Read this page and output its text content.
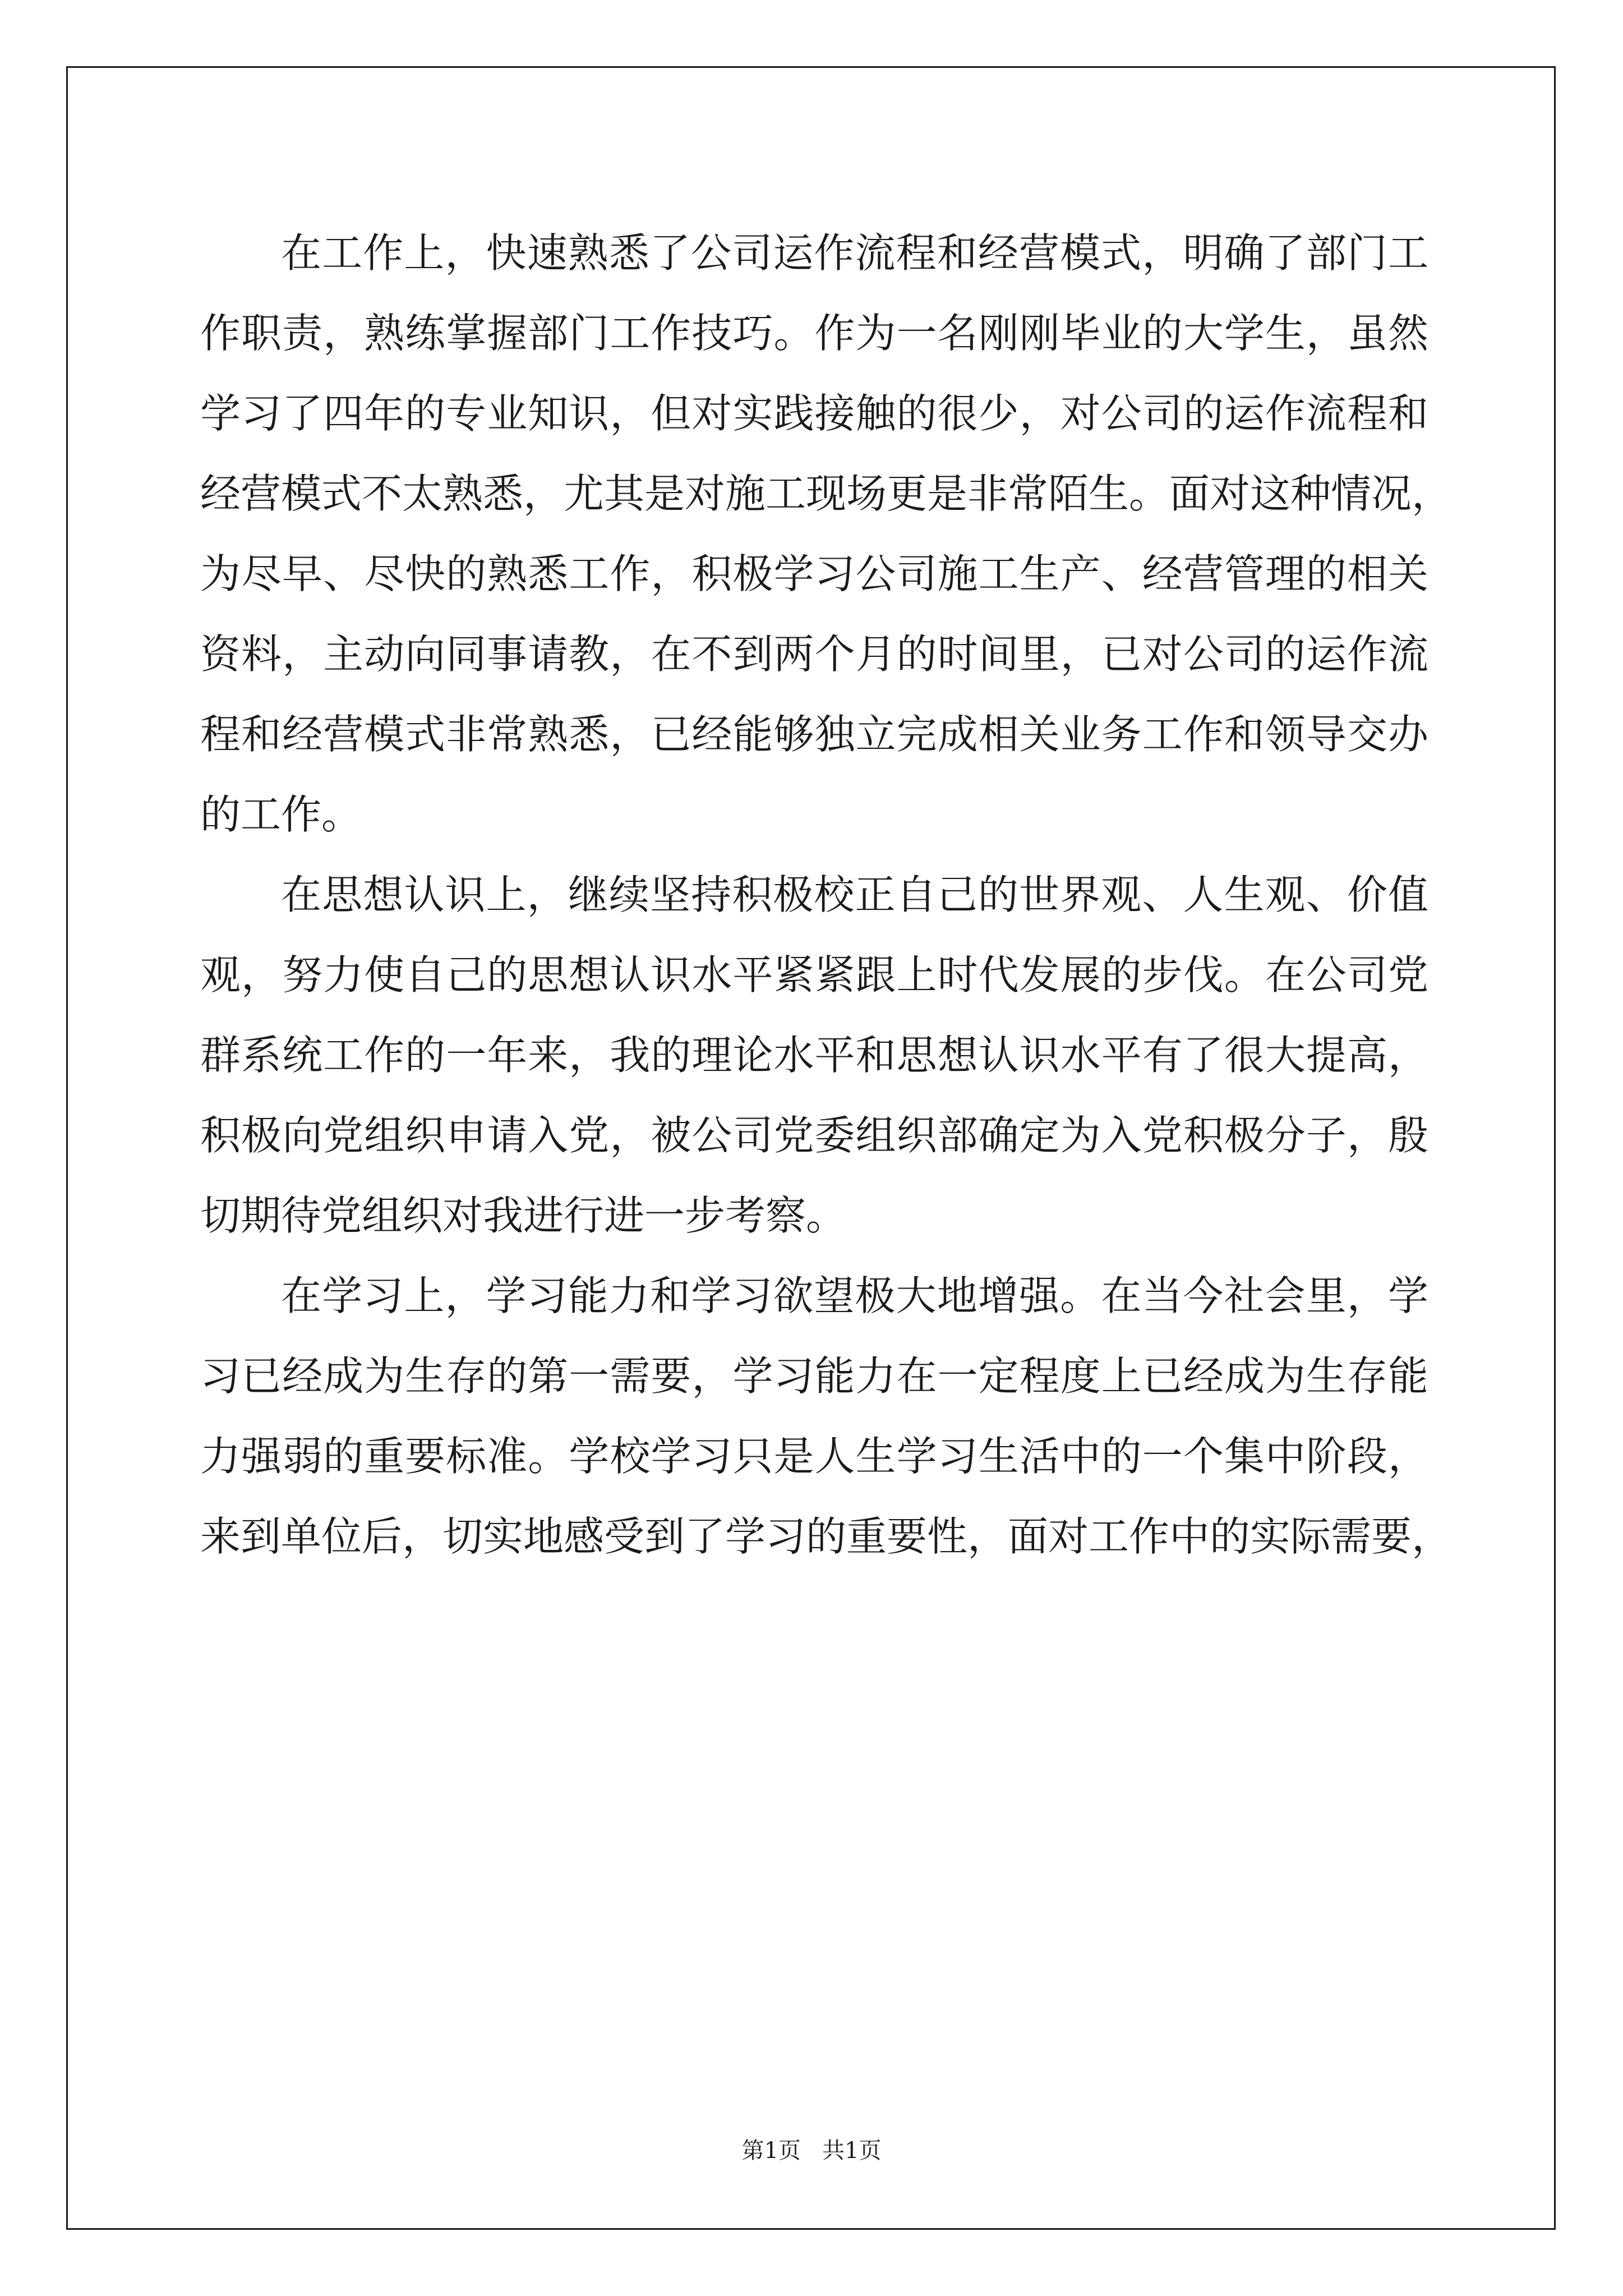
在工作上，快速熟悉了公司运作流程和经营模式，明确了部门工
作职责，熟练掌握部门工作技巧。作为一名刚刚毕业的大学生，虽然
学习了四年的专业知识，但对实践接触的很少，对公司的运作流程和
经营模式不太熟悉，尤其是对施工现场更是非常陌生。面对这种情况，
为尽早、尽快的熟悉工作，积极学习公司施工生产、经营管理的相关
资料，主动向同事请教，在不到两个月的时间里，已对公司的运作流
程和经营模式非常熟悉，已经能够独立完成相关业务工作和领导交办
的工作。
在思想认识上，继续坚持积极校正自己的世界观、人生观、价值
观，努力使自己的思想认识水平紧紧跟上时代发展的步伐。在公司党
群系统工作的一年来，我的理论水平和思想认识水平有了很大提高，
积极向党组织申请入党，被公司党委组织部确定为入党积极分子，殷
切期待党组织对我进行进一步考察。
在学习上，学习能力和学习欲望极大地增强。在当今社会里，学
习已经成为生存的第一需要，学习能力在一定程度上已经成为生存能
力强弱的重要标准。学校学习只是人生学习生活中的一个集中阶段，
来到单位后，切实地感受到了学习的重要性，面对工作中的实际需要，
第1页   共1页
